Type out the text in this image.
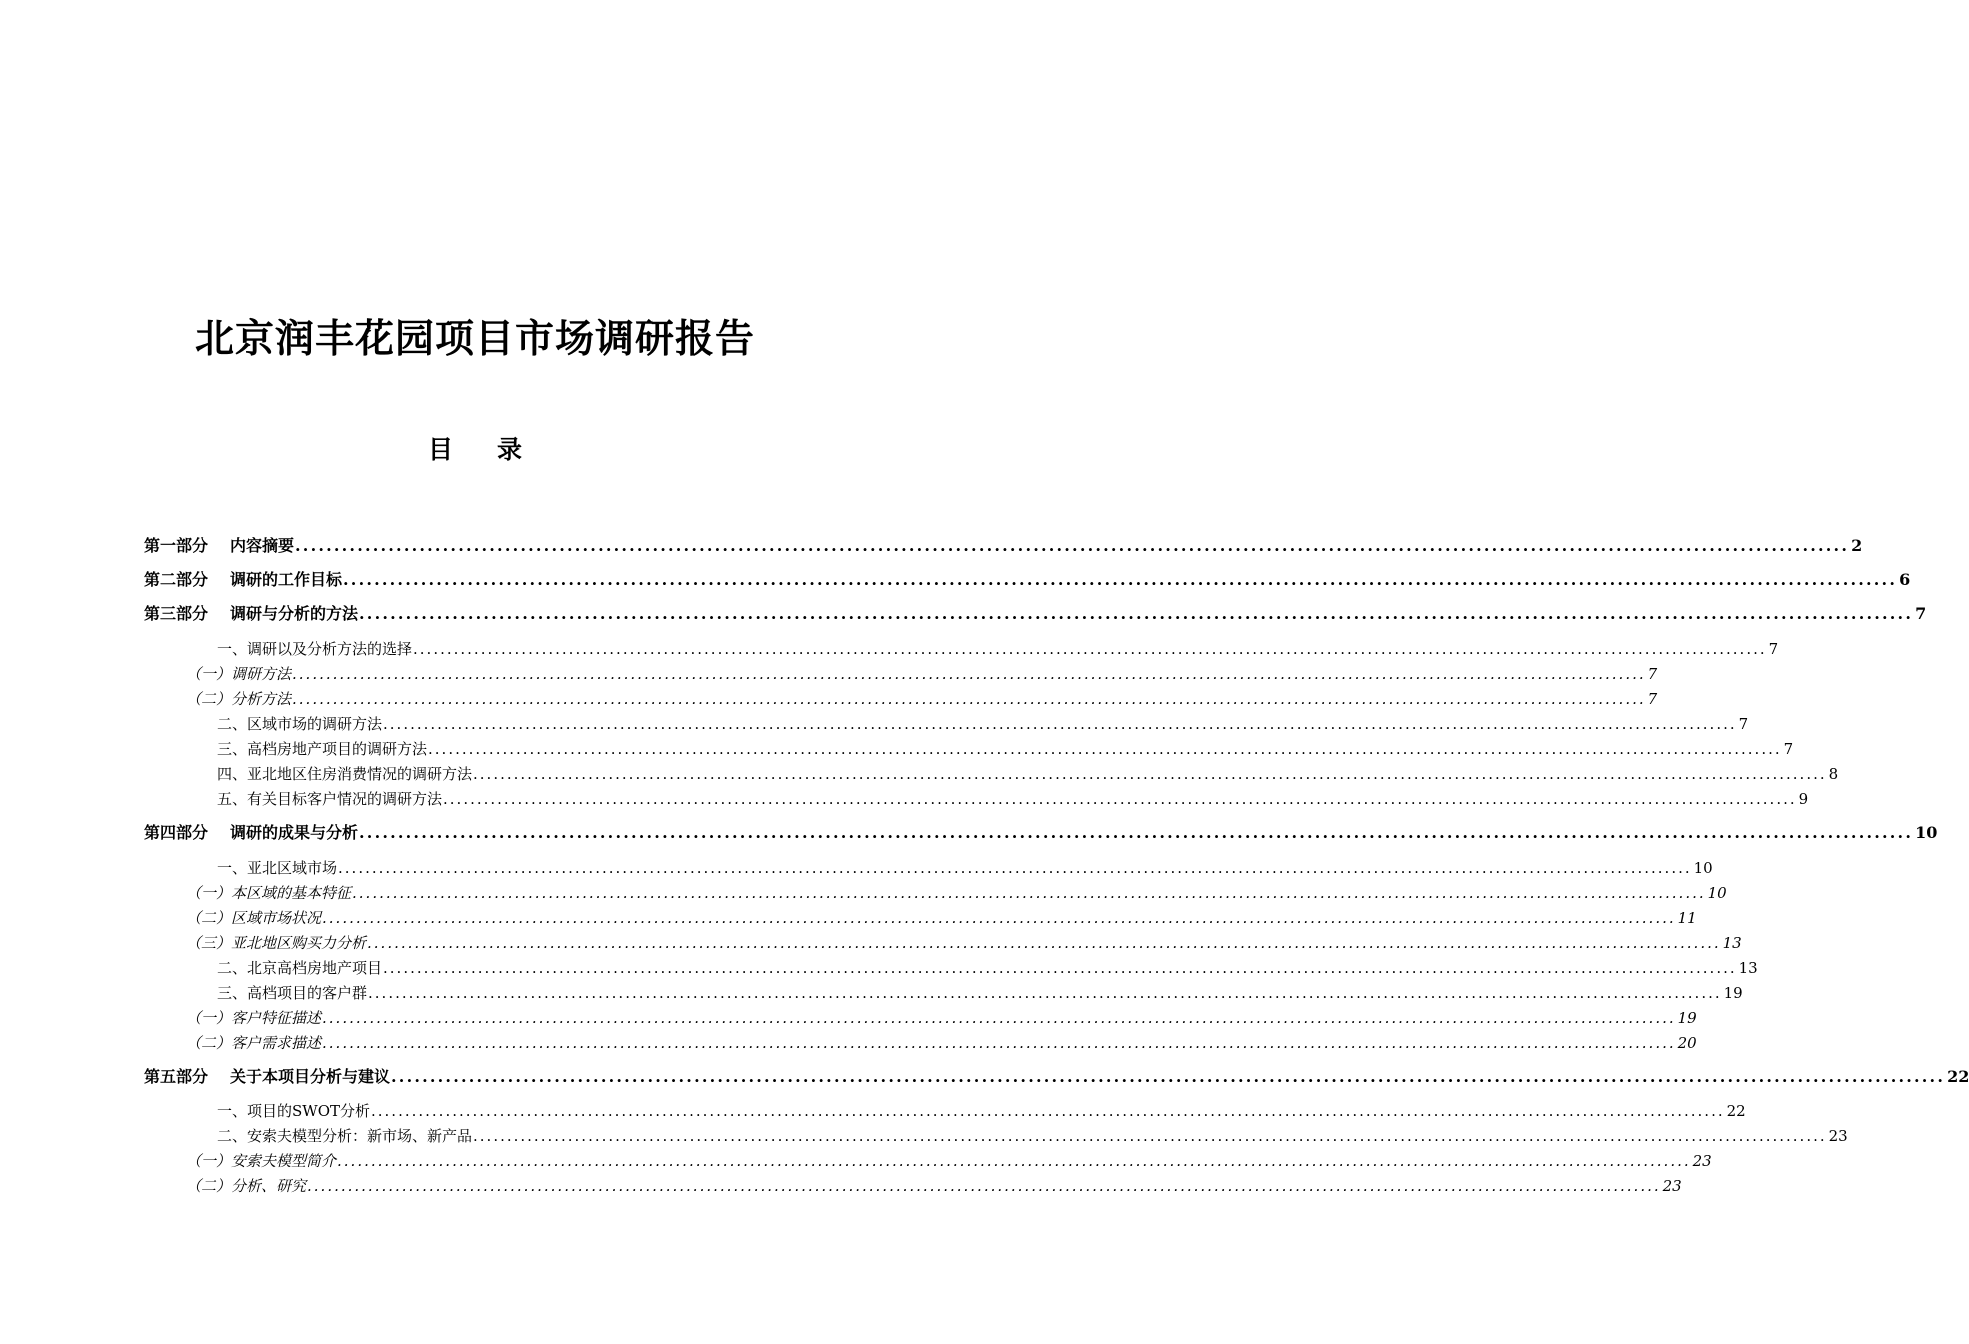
北京润丰花园项目市场调研报告
目 录
第一部分 内容摘要 ........................................................................................................................................................................................................ 2
第二部分 调研的工作目标 ........................................................................................................................................................................................................ 6
第三部分 调研与分析的方法 ........................................................................................................................................................................................................ 7
一、调研以及分析方法的选择 ........................................................................................................................................................................................................ 7
（一）调研方法 ........................................................................................................................................................................................................ 7
（二）分析方法 ........................................................................................................................................................................................................ 7
二、区域市场的调研方法 ........................................................................................................................................................................................................ 7
三、高档房地产项目的调研方法 ........................................................................................................................................................................................................ 7
四、亚北地区住房消费情况的调研方法 ........................................................................................................................................................................................................ 8
五、有关目标客户情况的调研方法 ........................................................................................................................................................................................................ 9
第四部分 调研的成果与分析 ........................................................................................................................................................................................................ 10
一、亚北区域市场 ........................................................................................................................................................................................................ 10
（一）本区域的基本特征 ........................................................................................................................................................................................................ 10
（二）区域市场状况 ........................................................................................................................................................................................................ 11
（三）亚北地区购买力分析 ........................................................................................................................................................................................................ 13
二、北京高档房地产项目 ........................................................................................................................................................................................................ 13
三、高档项目的客户群 ........................................................................................................................................................................................................ 19
（一）客户特征描述 ........................................................................................................................................................................................................ 19
（二）客户需求描述 ........................................................................................................................................................................................................ 20
第五部分 关于本项目分析与建议 ........................................................................................................................................................................................................ 22
一、项目的SWOT分析 ........................................................................................................................................................................................................ 22
二、安索夫模型分析：新市场、新产品 ........................................................................................................................................................................................................ 23
（一）安索夫模型简介 ........................................................................................................................................................................................................ 23
（二）分析、研究 ........................................................................................................................................................................................................ 23
